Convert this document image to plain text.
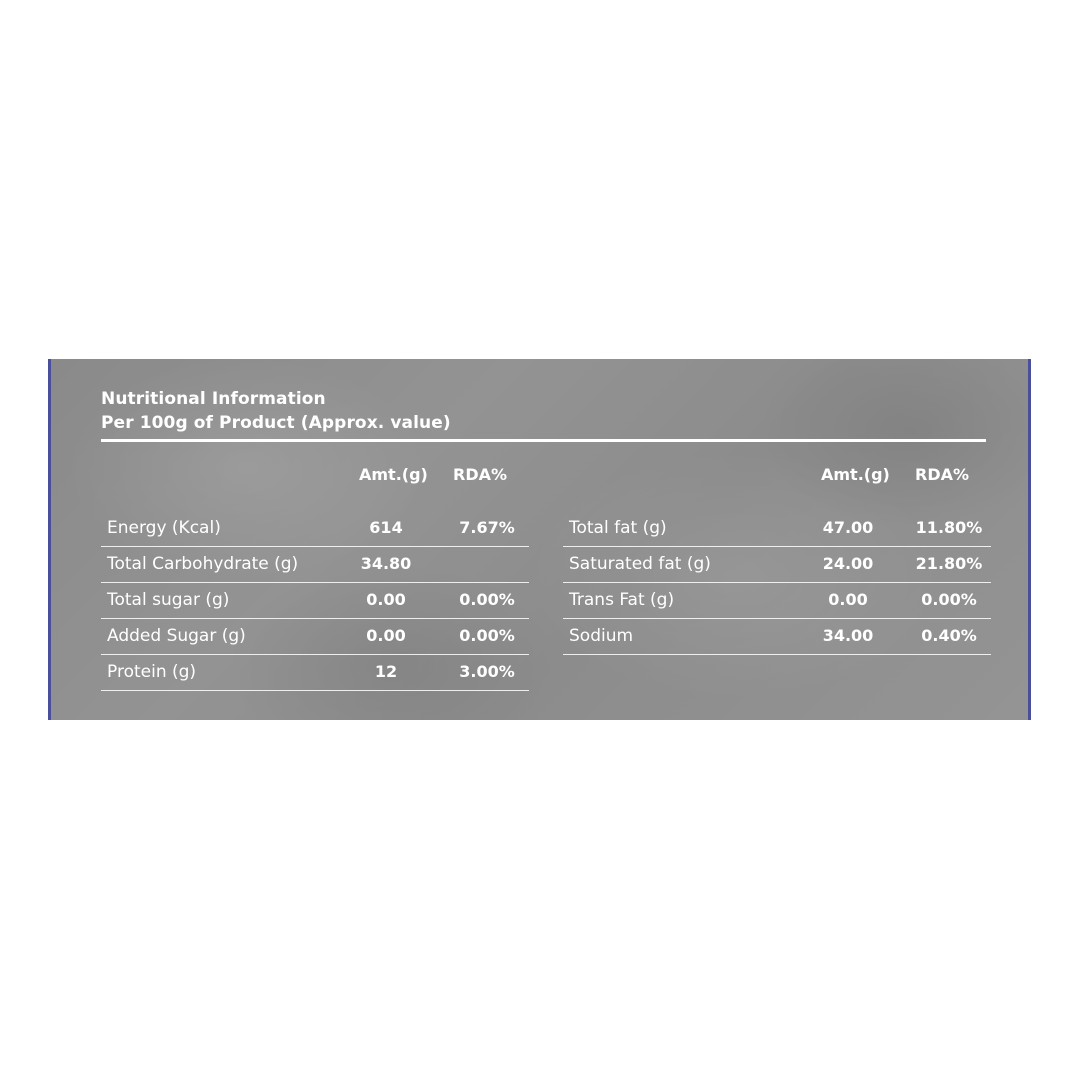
Nutritional Information
Per 100g of Product (Approx. value)
Amt.(g) RDA%
Energy (Kcal)	614	7.67%
Total Carbohydrate (g)	34.80
Total sugar (g)	0.00	0.00%
Added Sugar (g)	0.00	0.00%
Protein (g)	12	3.00%
Amt.(g) RDA%
Total fat (g)	47.00	11.80%
Saturated fat (g)	24.00	21.80%
Trans Fat (g)	0.00	0.00%
Sodium	34.00	0.40%
